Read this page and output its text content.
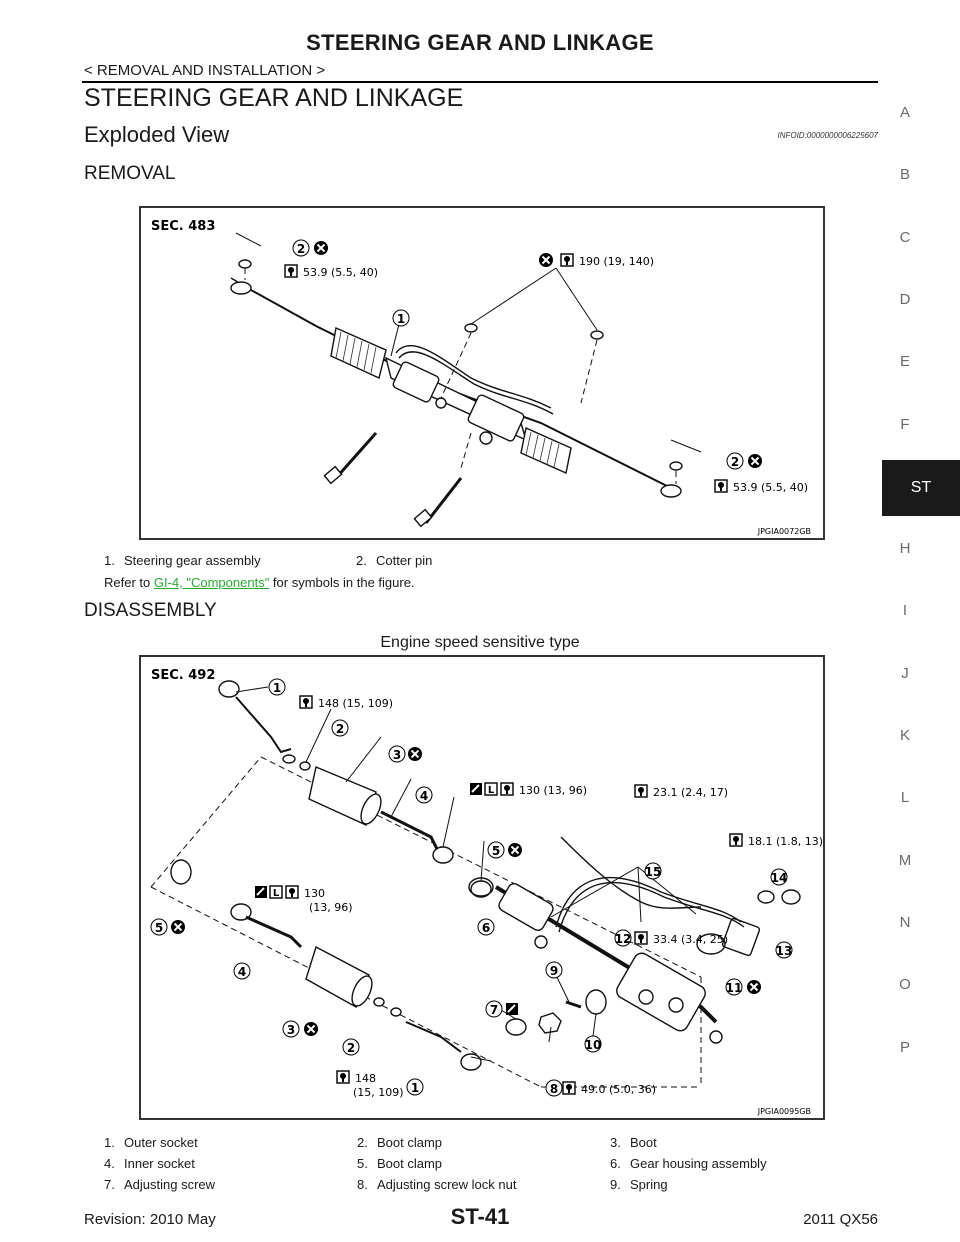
STEERING GEAR AND LINKAGE
< REMOVAL AND INSTALLATION >
STEERING GEAR AND LINKAGE
Exploded View	INFOID:0000000006225607
REMOVAL
SEC. 483
2
53.9 (5.5, 40)
190 (19, 140)
1
2
53.9 (5.5, 40)
JPGIA0072GB
1.	Steering gear assembly	2.	Cotter pin
Refer to GI-4, "Components" for symbols in the figure.
DISASSEMBLY
Engine speed sensitive type
L
SEC. 492
148 (15, 109)
130 (13, 96)	23.1 (2.4, 17)
18.1 (1.8, 13)
130
(13, 96)
33.4 (3.4, 25)
148
(15, 109)	49.0 (5.0, 36)
1
2
3
4
5
5	6
4
3
2
1
7
8
9
10
11
12
13
14
15
JPGIA0095GB
1.	Outer socket	2.	Boot clamp	3.	Boot
4.	Inner socket	5.	Boot clamp	6.	Gear housing assembly
7.	Adjusting screw	8.	Adjusting screw lock nut	9.	Spring
A
B
C
D
E
F
ST
H
I
J
K
L
M
N
O
P
Revision: 2010 May	ST-41	2011 QX56
